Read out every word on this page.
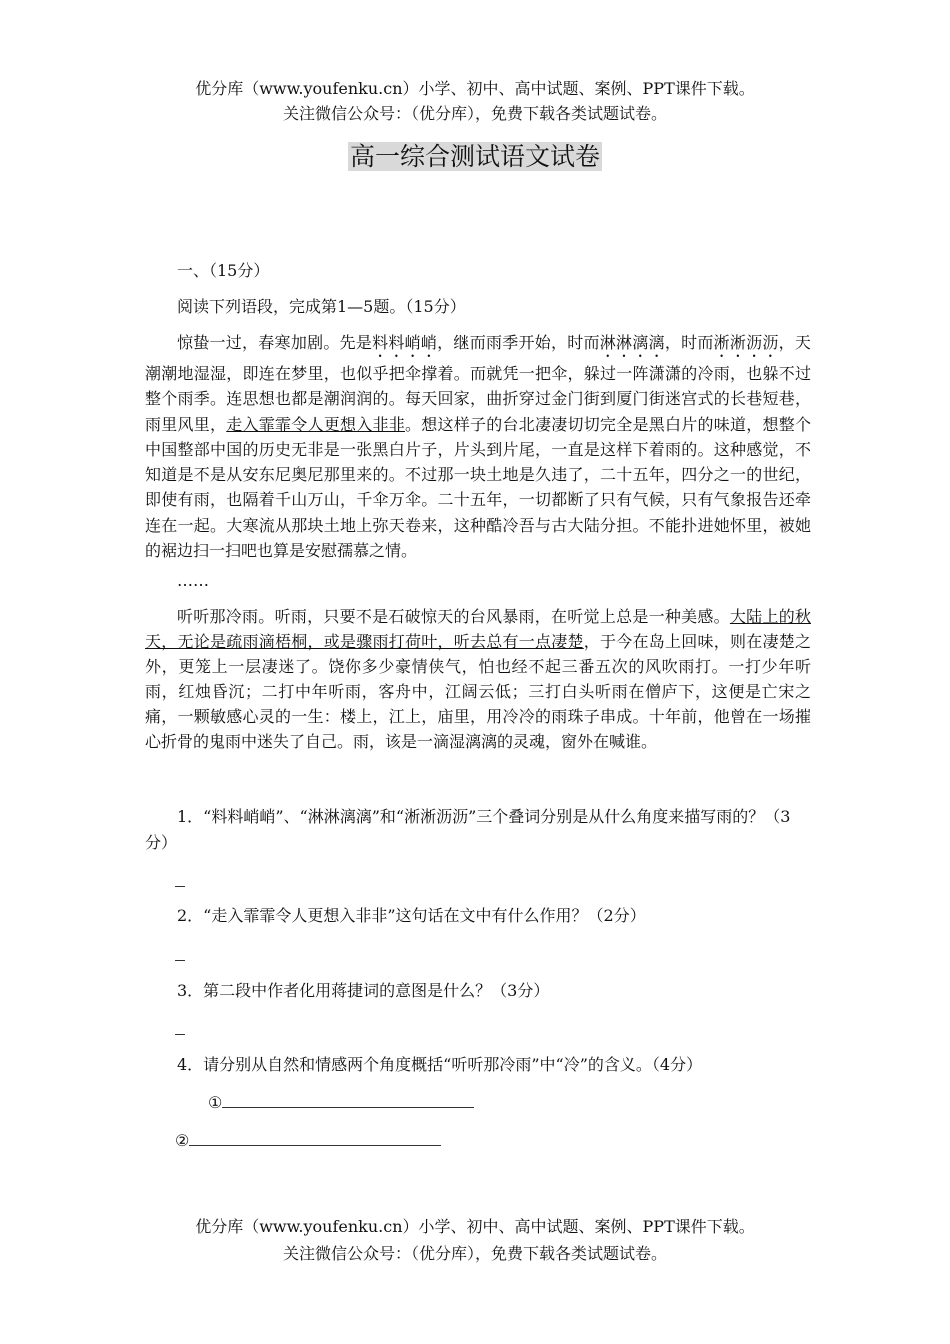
优分库（www.youfenku.cn）小学、初中、高中试题、案例、PPT课件下载。
关注微信公众号：（优分库），免费下载各类试题试卷。
高一综合测试语文试卷
一、（15分）
阅读下列语段，完成第1—5题。（15分）

惊蛰一过，春寒加剧。先是料料峭峭，继而雨季开始，时而淋淋漓漓，时而淅淅沥沥，天潮潮地湿湿，即连在梦里，也似乎把伞撑着。而就凭一把伞，躲过一阵潇潇的冷雨，也躲不过整个雨季。连思想也都是潮润润的。每天回家，曲折穿过金门街到厦门街迷宫式的长巷短巷，雨里风里，走入霏霏令人更想入非非。想这样子的台北凄凄切切完全是黑白片的味道，想整个中国整部中国的历史无非是一张黑白片子，片头到片尾，一直是这样下着雨的。这种感觉，不知道是不是从安东尼奥尼那里来的。不过那一块土地是久违了，二十五年，四分之一的世纪，即使有雨，也隔着千山万山，千伞万伞。二十五年，一切都断了只有气候，只有气象报告还牵连在一起。大寒流从那块土地上弥天卷来，这种酷冷吾与古大陆分担。不能扑进她怀里，被她的裾边扫一扫吧也算是安慰孺慕之情。

……

听听那冷雨。听雨，只要不是石破惊天的台风暴雨，在听觉上总是一种美感。大陆上的秋天，无论是疏雨滴梧桐，或是骤雨打荷叶，听去总有一点凄楚，于今在岛上回味，则在凄楚之外，更笼上一层凄迷了。饶你多少豪情侠气，怕也经不起三番五次的风吹雨打。一打少年听雨，红烛昏沉；二打中年听雨，客舟中，江阔云低；三打白头听雨在僧庐下，这便是亡宋之痛，一颗敏感心灵的一生：楼上，江上，庙里，用冷冷的雨珠子串成。十年前，他曾在一场摧心折骨的鬼雨中迷失了自己。雨，该是一滴湿漓漓的灵魂，窗外在喊谁。

1．“料料峭峭”、“淋淋漓漓”和“淅淅沥沥”三个叠词分别是从什么角度来描写雨的？（3分）

2．“走入霏霏令人更想入非非”这句话在文中有什么作用？（2分）

3．第二段中作者化用蒋捷词的意图是什么？（3分）

4．请分别从自然和情感两个角度概括“听听那冷雨”中“冷”的含义。（4分）

①
②
优分库（www.youfenku.cn）小学、初中、高中试题、案例、PPT课件下载。
关注微信公众号：（优分库），免费下载各类试题试卷。
